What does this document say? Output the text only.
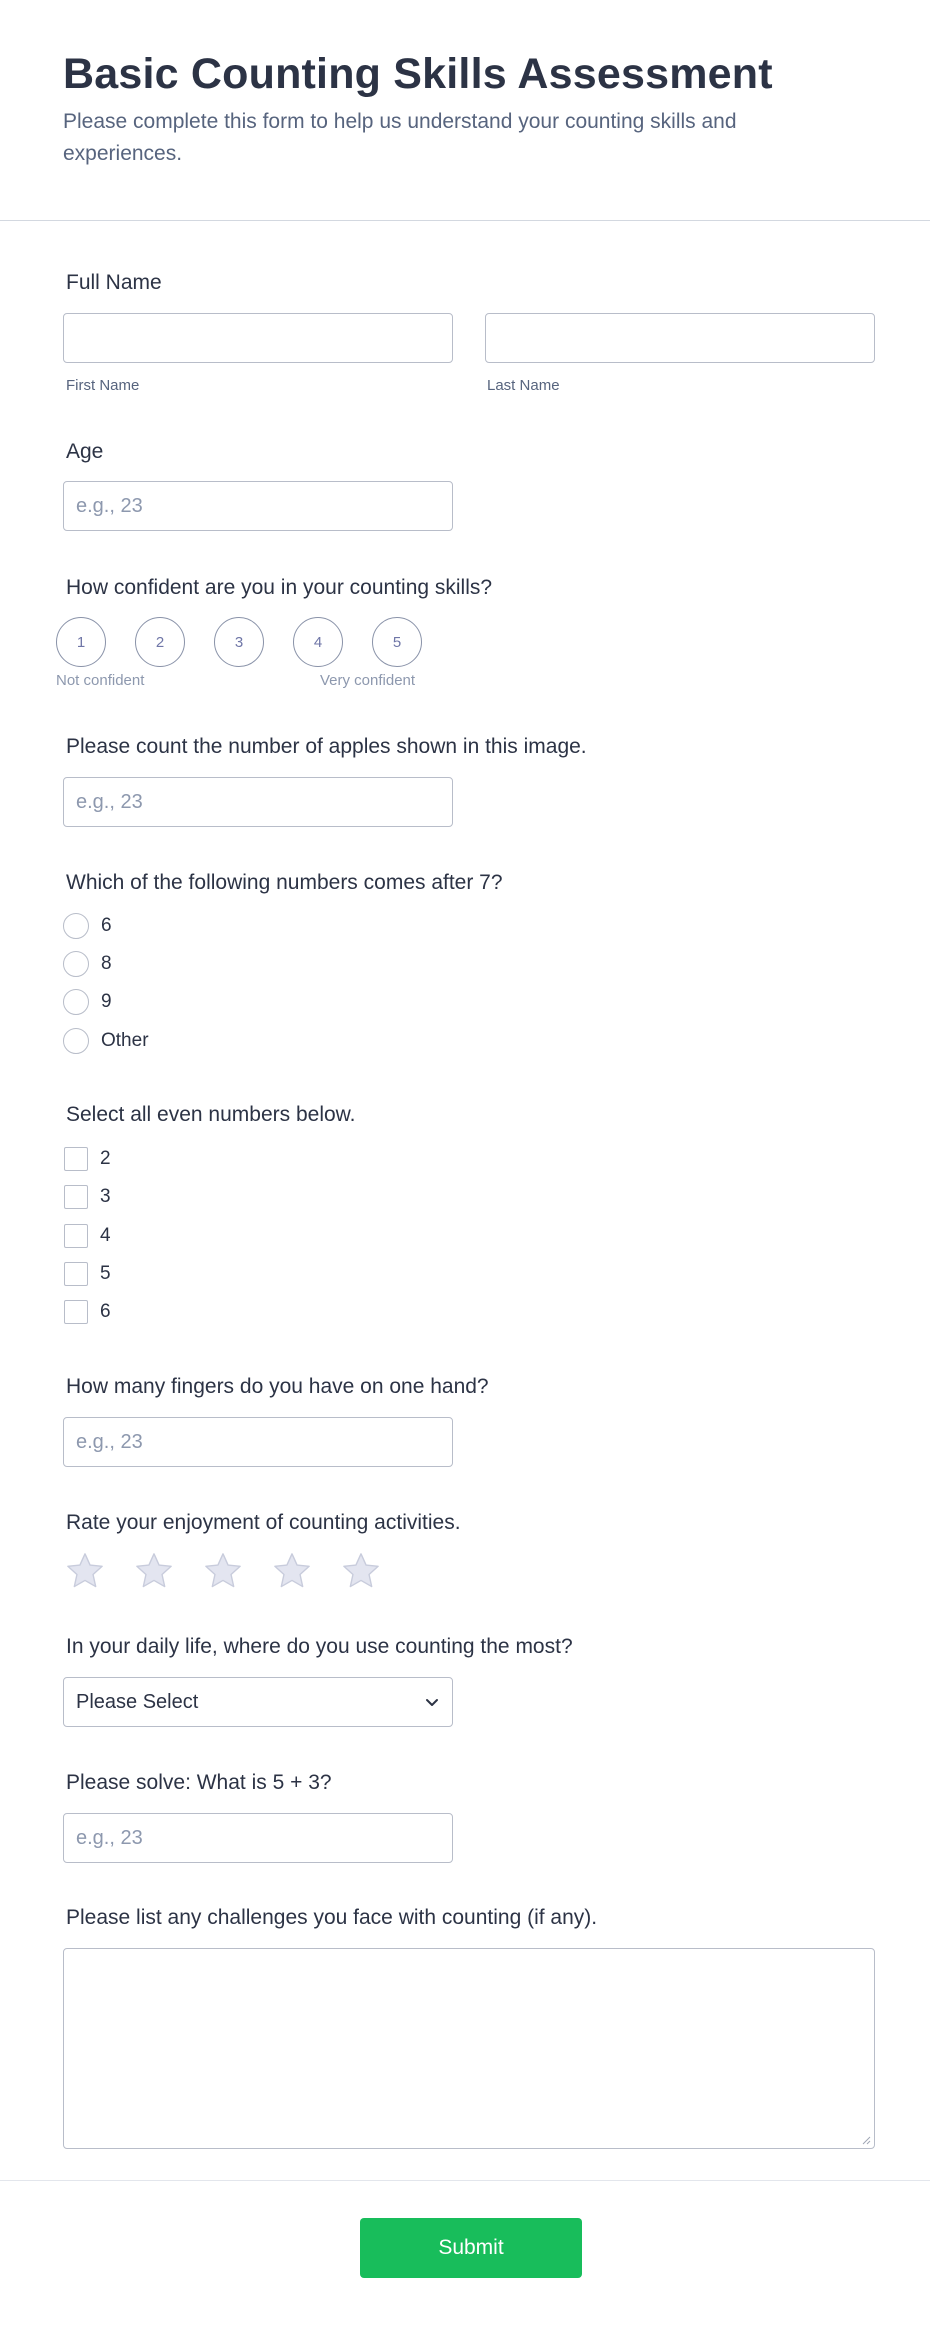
Basic Counting Skills Assessment

Please complete this form to help us understand your counting skills and experiences.

Full Name
First Name	Last Name
Age
e.g., 23
How confident are you in your counting skills?
1	2	3	4	5
Not confident	Very confident
Please count the number of apples shown in this image.
e.g., 23
Which of the following numbers comes after 7?
6
8
9
Other
Select all even numbers below.
2
3
4
5
6
How many fingers do you have on one hand?
e.g., 23
Rate your enjoyment of counting activities.
In your daily life, where do you use counting the most?
Please Select
Please solve: What is 5 + 3?
e.g., 23
Please list any challenges you face with counting (if any).
Submit
